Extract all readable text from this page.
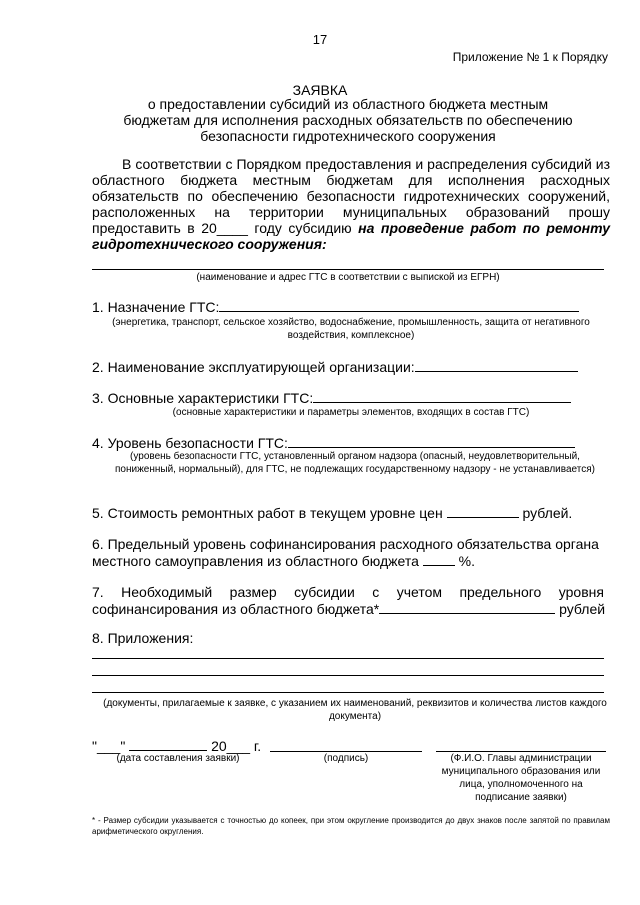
17
Приложение № 1 к Порядку
ЗАЯВКА
о предоставлении субсидий из областного бюджета местным
бюджетам для исполнения расходных обязательств по обеспечению
безопасности гидротехнического сооружения
В соответствии с Порядком предоставления и распределения субсидий из областного бюджета местным бюджетам для исполнения расходных обязательств по обеспечению безопасности гидротехнических сооружений, расположенных на территории муниципальных образований прошу предоставить в 20____ году субсидию на проведение работ по ремонту гидротехнического сооружения:
(наименование и адрес ГТС в соответствии с выпиской из ЕГРН)
1. Назначение ГТС:
(энергетика, транспорт, сельское хозяйство, водоснабжение, промышленность, защита от негативного воздействия, комплексное)
2. Наименование эксплуатирующей организации:
3. Основные характеристики ГТС:
(основные характеристики и параметры элементов, входящих в состав ГТС)
4. Уровень безопасности ГТС:
(уровень безопасности ГТС, установленный органом надзора (опасный, неудовлетворительный, пониженный, нормальный), для ГТС, не подлежащих государственному надзору - не устанавливается)
5. Стоимость ремонтных работ в текущем уровне цен	рублей.
6. Предельный уровень софинансирования расходного обязательства органа
местного самоуправления из областного бюджета	%.
7. Необходимый размер субсидии с учетом предельного уровня
софинансирования из областного бюджета*	рублей
8. Приложения:
(документы, прилагаемые к заявке, с указанием их наименований, реквизитов и количества листов каждого документа)
"___"	20___ г.
(дата составления заявки)	(подпись)	(Ф.И.О. Главы администрации муниципального образования или лица, уполномоченного на подписание заявки)
* - Размер субсидии указывается с точностью до копеек, при этом округление производится до двух знаков после запятой по правилам арифметического округления.
